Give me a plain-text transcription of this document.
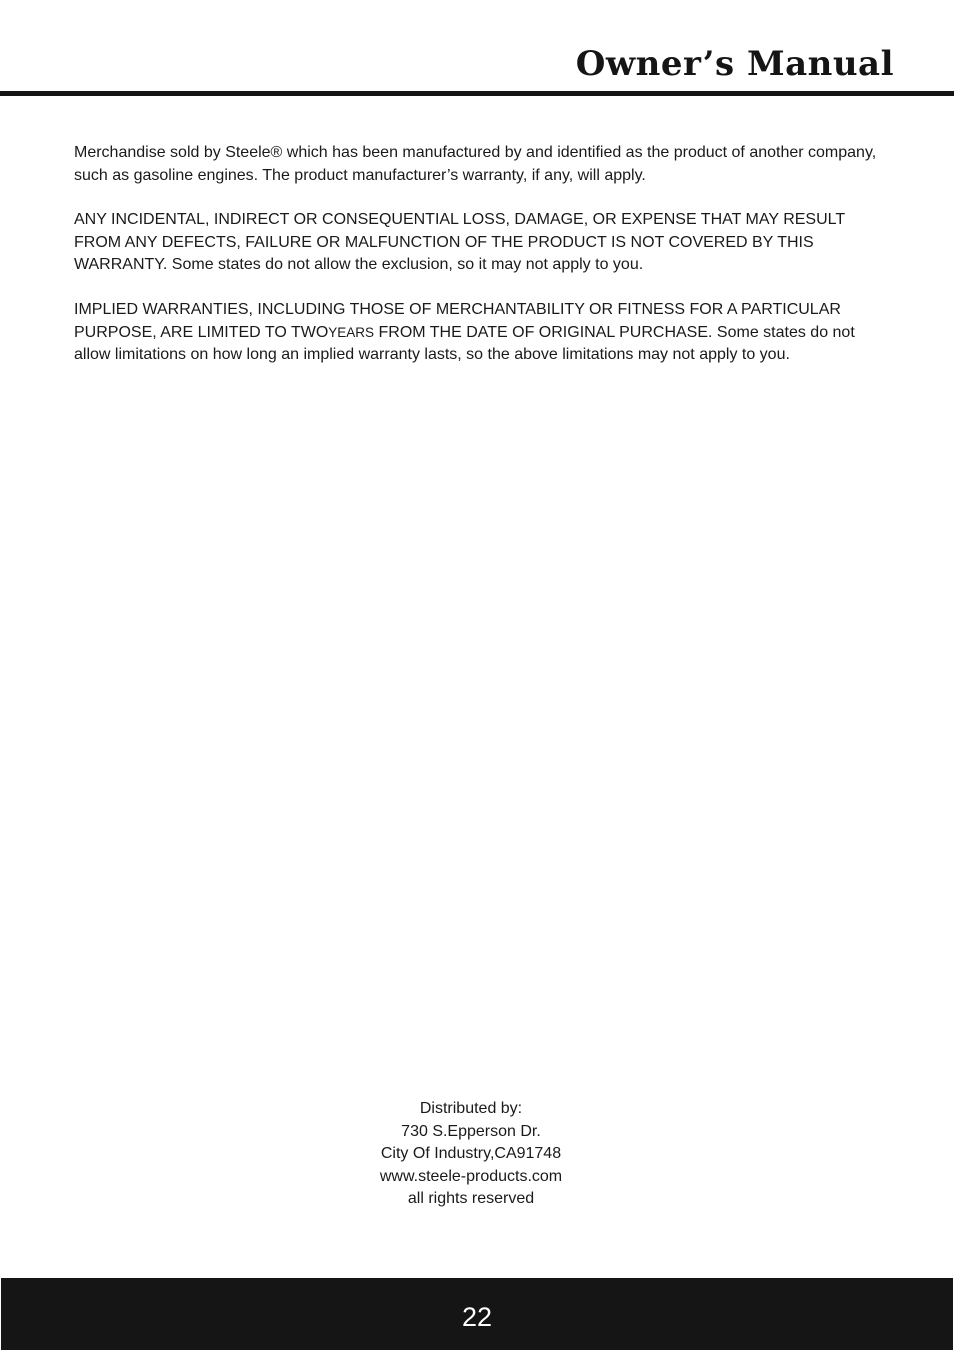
Owner’s Manual

Merchandise sold by Steele® which has been manufactured by and identified as the product of another company, such as gasoline engines. The product manufacturer’s warranty, if any, will apply.

ANY INCIDENTAL, INDIRECT OR CONSEQUENTIAL LOSS, DAMAGE, OR EXPENSE THAT MAY RESULT FROM ANY DEFECTS, FAILURE OR MALFUNCTION OF THE PRODUCT IS NOT COVERED BY THIS WARRANTY. Some states do not allow the exclusion, so it may not apply to you.

IMPLIED WARRANTIES, INCLUDING THOSE OF MERCHANTABILITY OR FITNESS FOR A PARTICULAR PURPOSE, ARE LIMITED TO TWOYEARS FROM THE DATE OF ORIGINAL PURCHASE. Some states do not allow limitations on how long an implied warranty lasts, so the above limitations may not apply to you.

Distributed by:
730 S.Epperson Dr.
City Of Industry,CA91748
www.steele-products.com
all rights reserved
22
